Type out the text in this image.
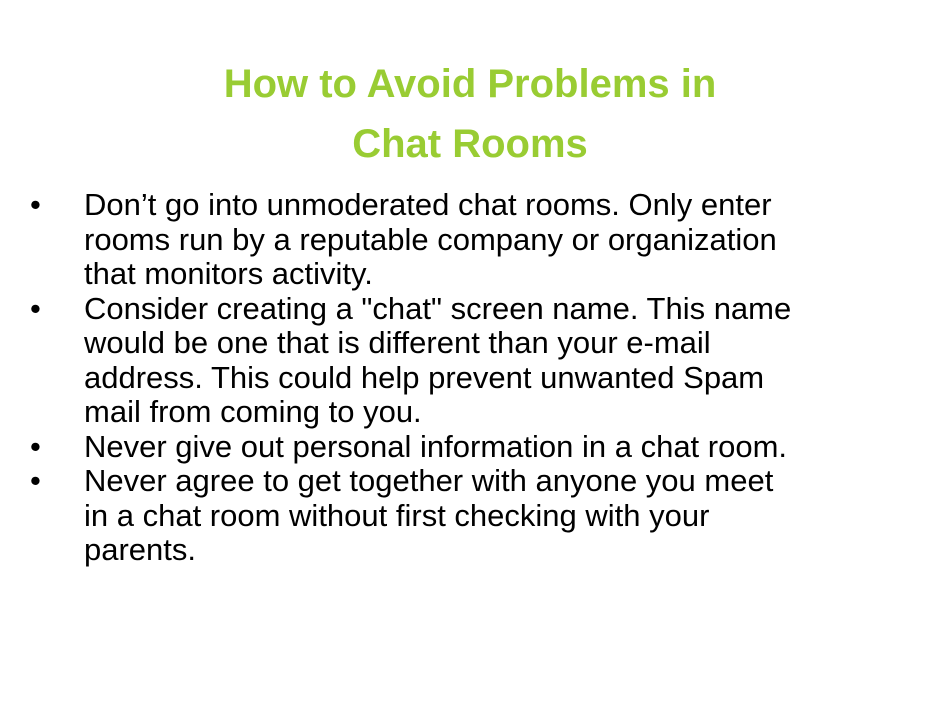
How to Avoid Problems in
Chat Rooms
•	Don’t go into unmoderated chat rooms. Only enter
rooms run by a reputable company or organization
that monitors activity.
•	Consider creating a "chat" screen name. This name
would be one that is different than your e-mail
address. This could help prevent unwanted Spam
mail from coming to you.
•	Never give out personal information in a chat room.
•	Never agree to get together with anyone you meet
in a chat room without first checking with your
parents.
